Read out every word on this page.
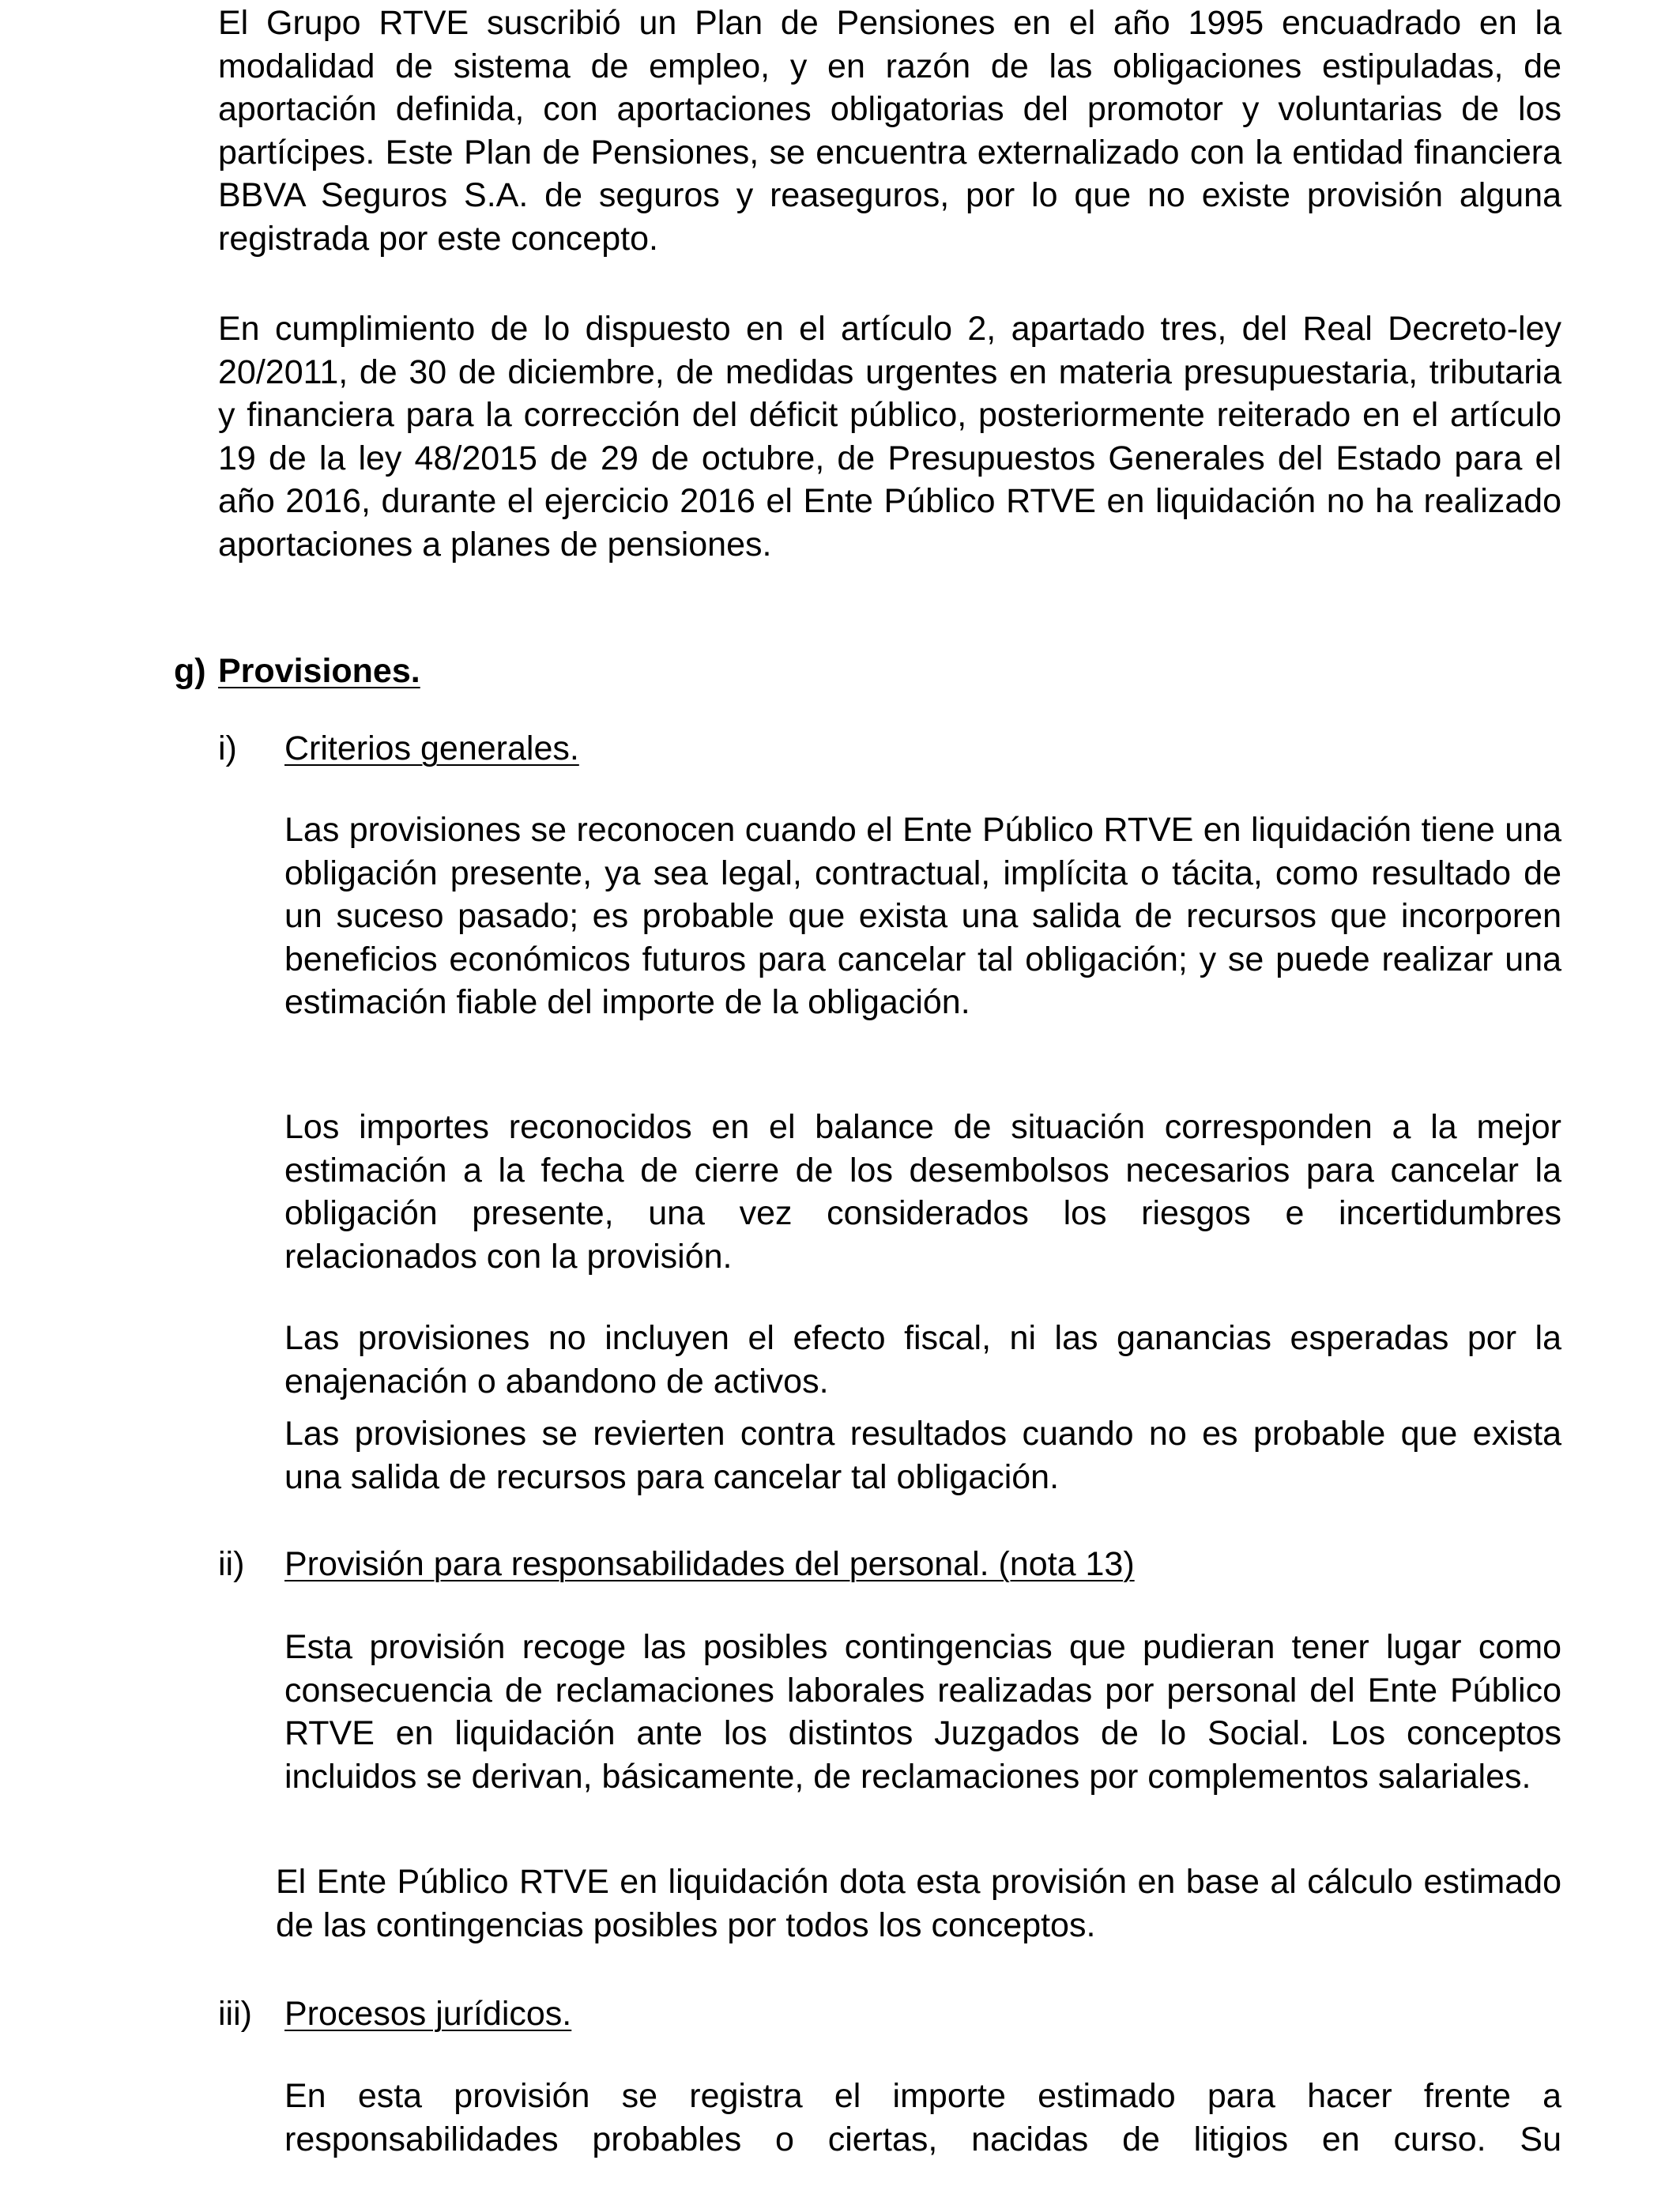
El Grupo RTVE suscribió un Plan de Pensiones en el año 1995 encuadrado en la modalidad de sistema de empleo, y en razón de las obligaciones estipuladas, de aportación definida, con aportaciones obligatorias del promotor y voluntarias de los partícipes. Este Plan de Pensiones, se encuentra externalizado con la entidad financiera BBVA Seguros S.A. de seguros y reaseguros, por lo que no existe provisión alguna registrada por este concepto.

En cumplimiento de lo dispuesto en el artículo 2, apartado tres, del Real Decreto-ley 20/2011, de 30 de diciembre, de medidas urgentes en materia presupuestaria, tributaria y financiera para la corrección del déficit público, posteriormente reiterado en el artículo 19 de la ley 48/2015 de 29 de octubre, de Presupuestos Generales del Estado para el año 2016, durante el ejercicio 2016 el Ente Público RTVE en liquidación no ha realizado aportaciones a planes de pensiones.

g) Provisiones.
i) Criterios generales.

Las provisiones se reconocen cuando el Ente Público RTVE en liquidación tiene una obligación presente, ya sea legal, contractual, implícita o tácita, como resultado de un suceso pasado; es probable que exista una salida de recursos que incorporen beneficios económicos futuros para cancelar tal obligación; y se puede realizar una estimación fiable del importe de la obligación.

Los importes reconocidos en el balance de situación corresponden a la mejor estimación a la fecha de cierre de los desembolsos necesarios para cancelar la obligación presente, una vez considerados los riesgos e incertidumbres relacionados con la provisión.

Las provisiones no incluyen el efecto fiscal, ni las ganancias esperadas por la enajenación o abandono de activos.

Las provisiones se revierten contra resultados cuando no es probable que exista una salida de recursos para cancelar tal obligación.

ii) Provisión para responsabilidades del personal. (nota 13)

Esta provisión recoge las posibles contingencias que pudieran tener lugar como consecuencia de reclamaciones laborales realizadas por personal del Ente Público RTVE en liquidación ante los distintos Juzgados de lo Social. Los conceptos incluidos se derivan, básicamente, de reclamaciones por complementos salariales.

El Ente Público RTVE en liquidación dota esta provisión en base al cálculo estimado de las contingencias posibles por todos los conceptos.

iii) Procesos jurídicos.

En esta provisión se registra el importe estimado para hacer frente a responsabilidades probables o ciertas, nacidas de litigios en curso. Su
